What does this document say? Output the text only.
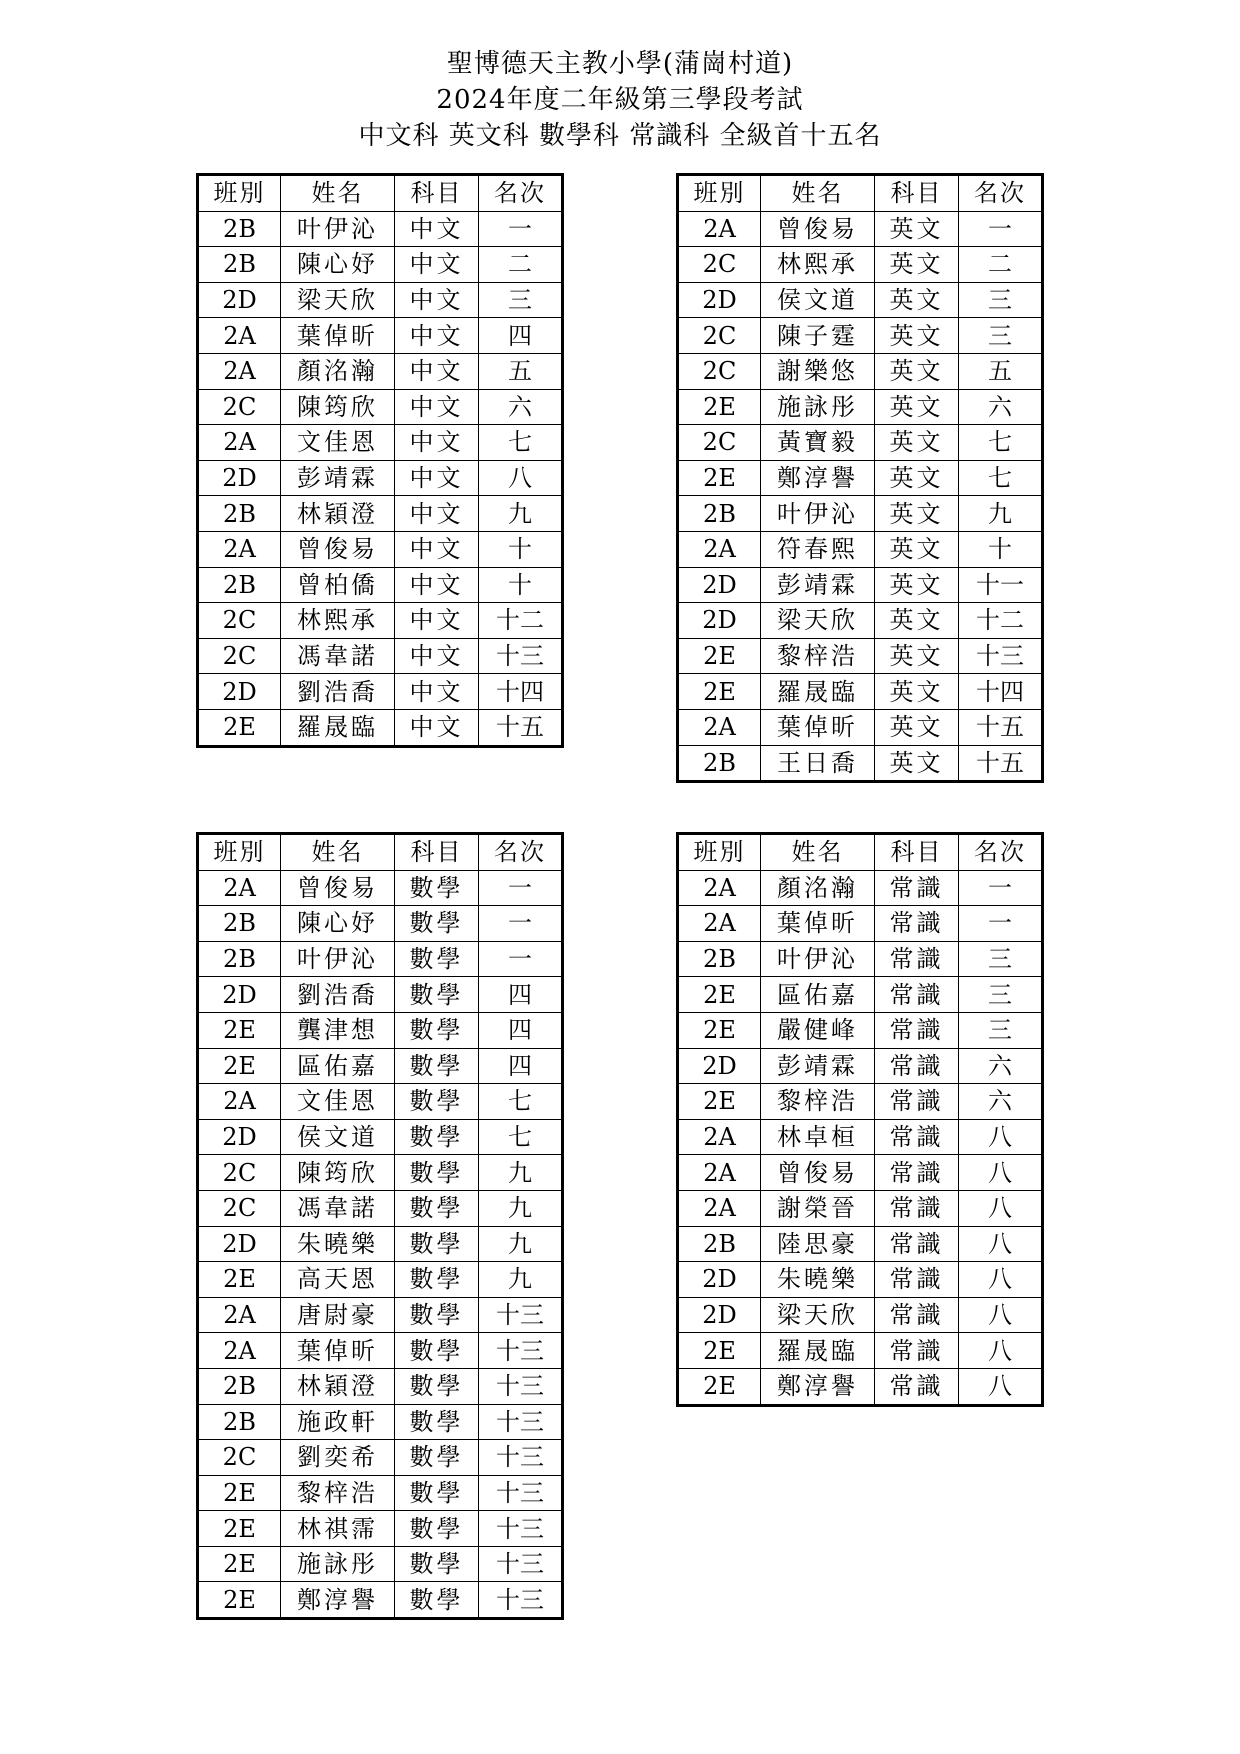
聖博德天主教小學(蒲崗村道)
2024年度二年級第三學段考試
中文科 英文科 數學科 常識科 全級首十五名
班別	姓名	科目	名次
2B	叶伊沁	中文	一
2B	陳心妤	中文	二
2D	梁天欣	中文	三
2A	葉倬昕	中文	四
2A	顏洺瀚	中文	五
2C	陳筠欣	中文	六
2A	文佳恩	中文	七
2D	彭靖霖	中文	八
2B	林穎澄	中文	九
2A	曾俊易	中文	十
2B	曾柏僑	中文	十
2C	林熙承	中文	十二
2C	馮韋諾	中文	十三
2D	劉浩喬	中文	十四
2E	羅晟臨	中文	十五
班別	姓名	科目	名次
2A	曾俊易	英文	一
2C	林熙承	英文	二
2D	侯文道	英文	三
2C	陳子霆	英文	三
2C	謝樂悠	英文	五
2E	施詠彤	英文	六
2C	黃寶毅	英文	七
2E	鄭淳譽	英文	七
2B	叶伊沁	英文	九
2A	符春熙	英文	十
2D	彭靖霖	英文	十一
2D	梁天欣	英文	十二
2E	黎梓浩	英文	十三
2E	羅晟臨	英文	十四
2A	葉倬昕	英文	十五
2B	王日喬	英文	十五
班別	姓名	科目	名次
2A	曾俊易	數學	一
2B	陳心妤	數學	一
2B	叶伊沁	數學	一
2D	劉浩喬	數學	四
2E	龔津想	數學	四
2E	區佑嘉	數學	四
2A	文佳恩	數學	七
2D	侯文道	數學	七
2C	陳筠欣	數學	九
2C	馮韋諾	數學	九
2D	朱曉樂	數學	九
2E	高天恩	數學	九
2A	唐尉豪	數學	十三
2A	葉倬昕	數學	十三
2B	林穎澄	數學	十三
2B	施政軒	數學	十三
2C	劉奕希	數學	十三
2E	黎梓浩	數學	十三
2E	林祺霈	數學	十三
2E	施詠彤	數學	十三
2E	鄭淳譽	數學	十三
班別	姓名	科目	名次
2A	顏洺瀚	常識	一
2A	葉倬昕	常識	一
2B	叶伊沁	常識	三
2E	區佑嘉	常識	三
2E	嚴健峰	常識	三
2D	彭靖霖	常識	六
2E	黎梓浩	常識	六
2A	林卓桓	常識	八
2A	曾俊易	常識	八
2A	謝榮晉	常識	八
2B	陸思豪	常識	八
2D	朱曉樂	常識	八
2D	梁天欣	常識	八
2E	羅晟臨	常識	八
2E	鄭淳譽	常識	八
